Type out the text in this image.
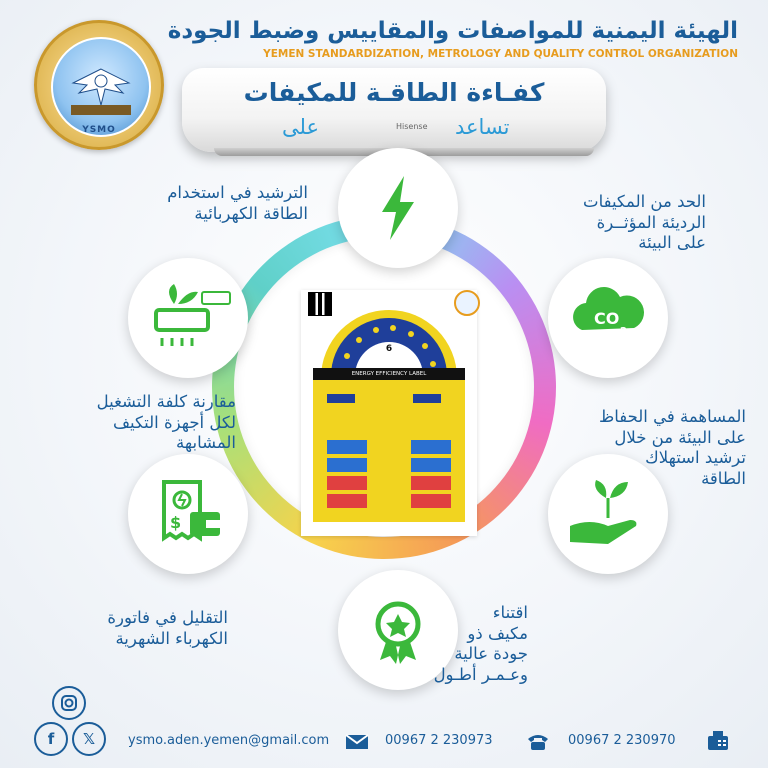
YSMO
الهيئة اليمنية للمواصفات والمقاييس وضبط الجودة
YEMEN STANDARDIZATION, METROLOGY AND QUALITY CONTROL ORGANIZATION
كفـاءة الطاقـة للمكيفات
Hisense تساعد
على
6
ENERGY EFFICIENCY LABEL
CO
2
$
الترشيد في استخدام
الطاقة الكهربائية
الحد من المكيفات
الرديئة المؤثــرة
على البيئة
مقارنة كلفة التشغيل
لكل أجهزة التكيف
المشابهة
المساهمة في الحفاظ
على البيئة من خلال
ترشيد استهلاك
الطاقة
التقليل في فاتورة
الكهرباء الشهرية
اقتناء
مكيف ذو
جودة عالية
وعـمـر أطـول
f	𝕏	ysmo.aden.yemen@gmail.com	00967 2 230973	00967 2 230970
